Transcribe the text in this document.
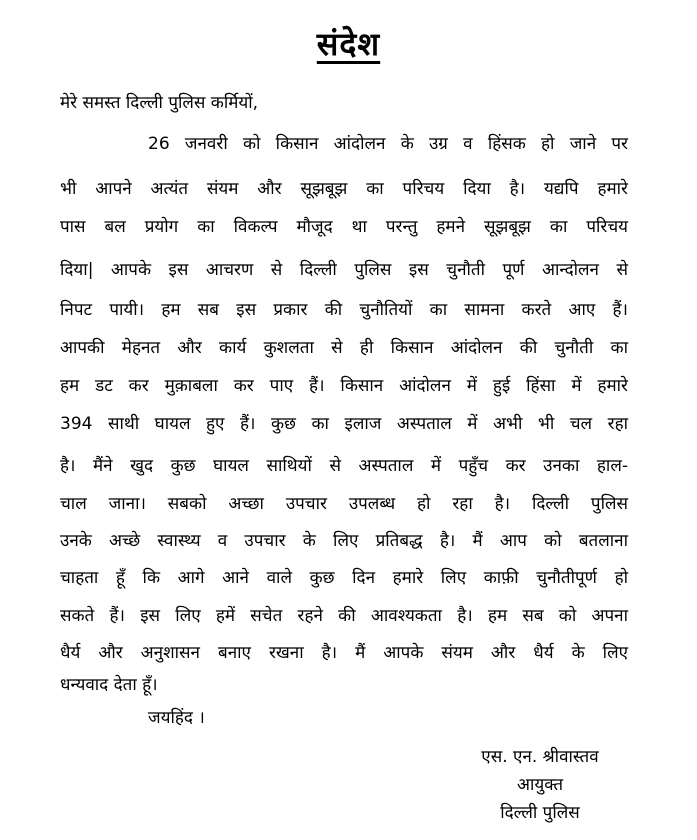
संदेश
मेरे समस्त दिल्ली पुलिस कर्मियों,
26 जनवरी को किसान आंदोलन के उग्र व हिंसक हो जाने पर
भी आपने अत्यंत संयम और सूझबूझ का परिचय दिया है। यद्यपि हमारे
पास बल प्रयोग का विकल्प मौजूद था परन्तु हमने सूझबूझ का परिचय
दिया| आपके इस आचरण से दिल्ली पुलिस इस चुनौती पूर्ण आन्दोलन से
निपट पायी। हम सब इस प्रकार की चुनौतियों का सामना करते आए हैं।
आपकी मेहनत और कार्य कुशलता से ही किसान आंदोलन की चुनौती का
हम डट कर मुक़ाबला कर पाए हैं। किसान आंदोलन में हुई हिंसा में हमारे
394 साथी घायल हुए हैं। कुछ का इलाज अस्पताल में अभी भी चल रहा
है। मैंने खुद कुछ घायल साथियों से अस्पताल में पहुँच कर उनका हाल-
चाल जाना। सबको अच्छा उपचार उपलब्ध हो रहा है। दिल्ली पुलिस
उनके अच्छे स्वास्थ्य व उपचार के लिए प्रतिबद्ध है। मैं आप को बतलाना
चाहता हूँ कि आगे आने वाले कुछ दिन हमारे लिए काफ़ी चुनौतीपूर्ण हो
सकते हैं। इस लिए हमें सचेत रहने की आवश्यकता है। हम सब को अपना
धैर्य और अनुशासन बनाए रखना है। मैं आपके संयम और धैर्य के लिए
धन्यवाद देता हूँ।
जयहिंद ।
एस. एन. श्रीवास्तव
आयुक्त
दिल्ली पुलिस
